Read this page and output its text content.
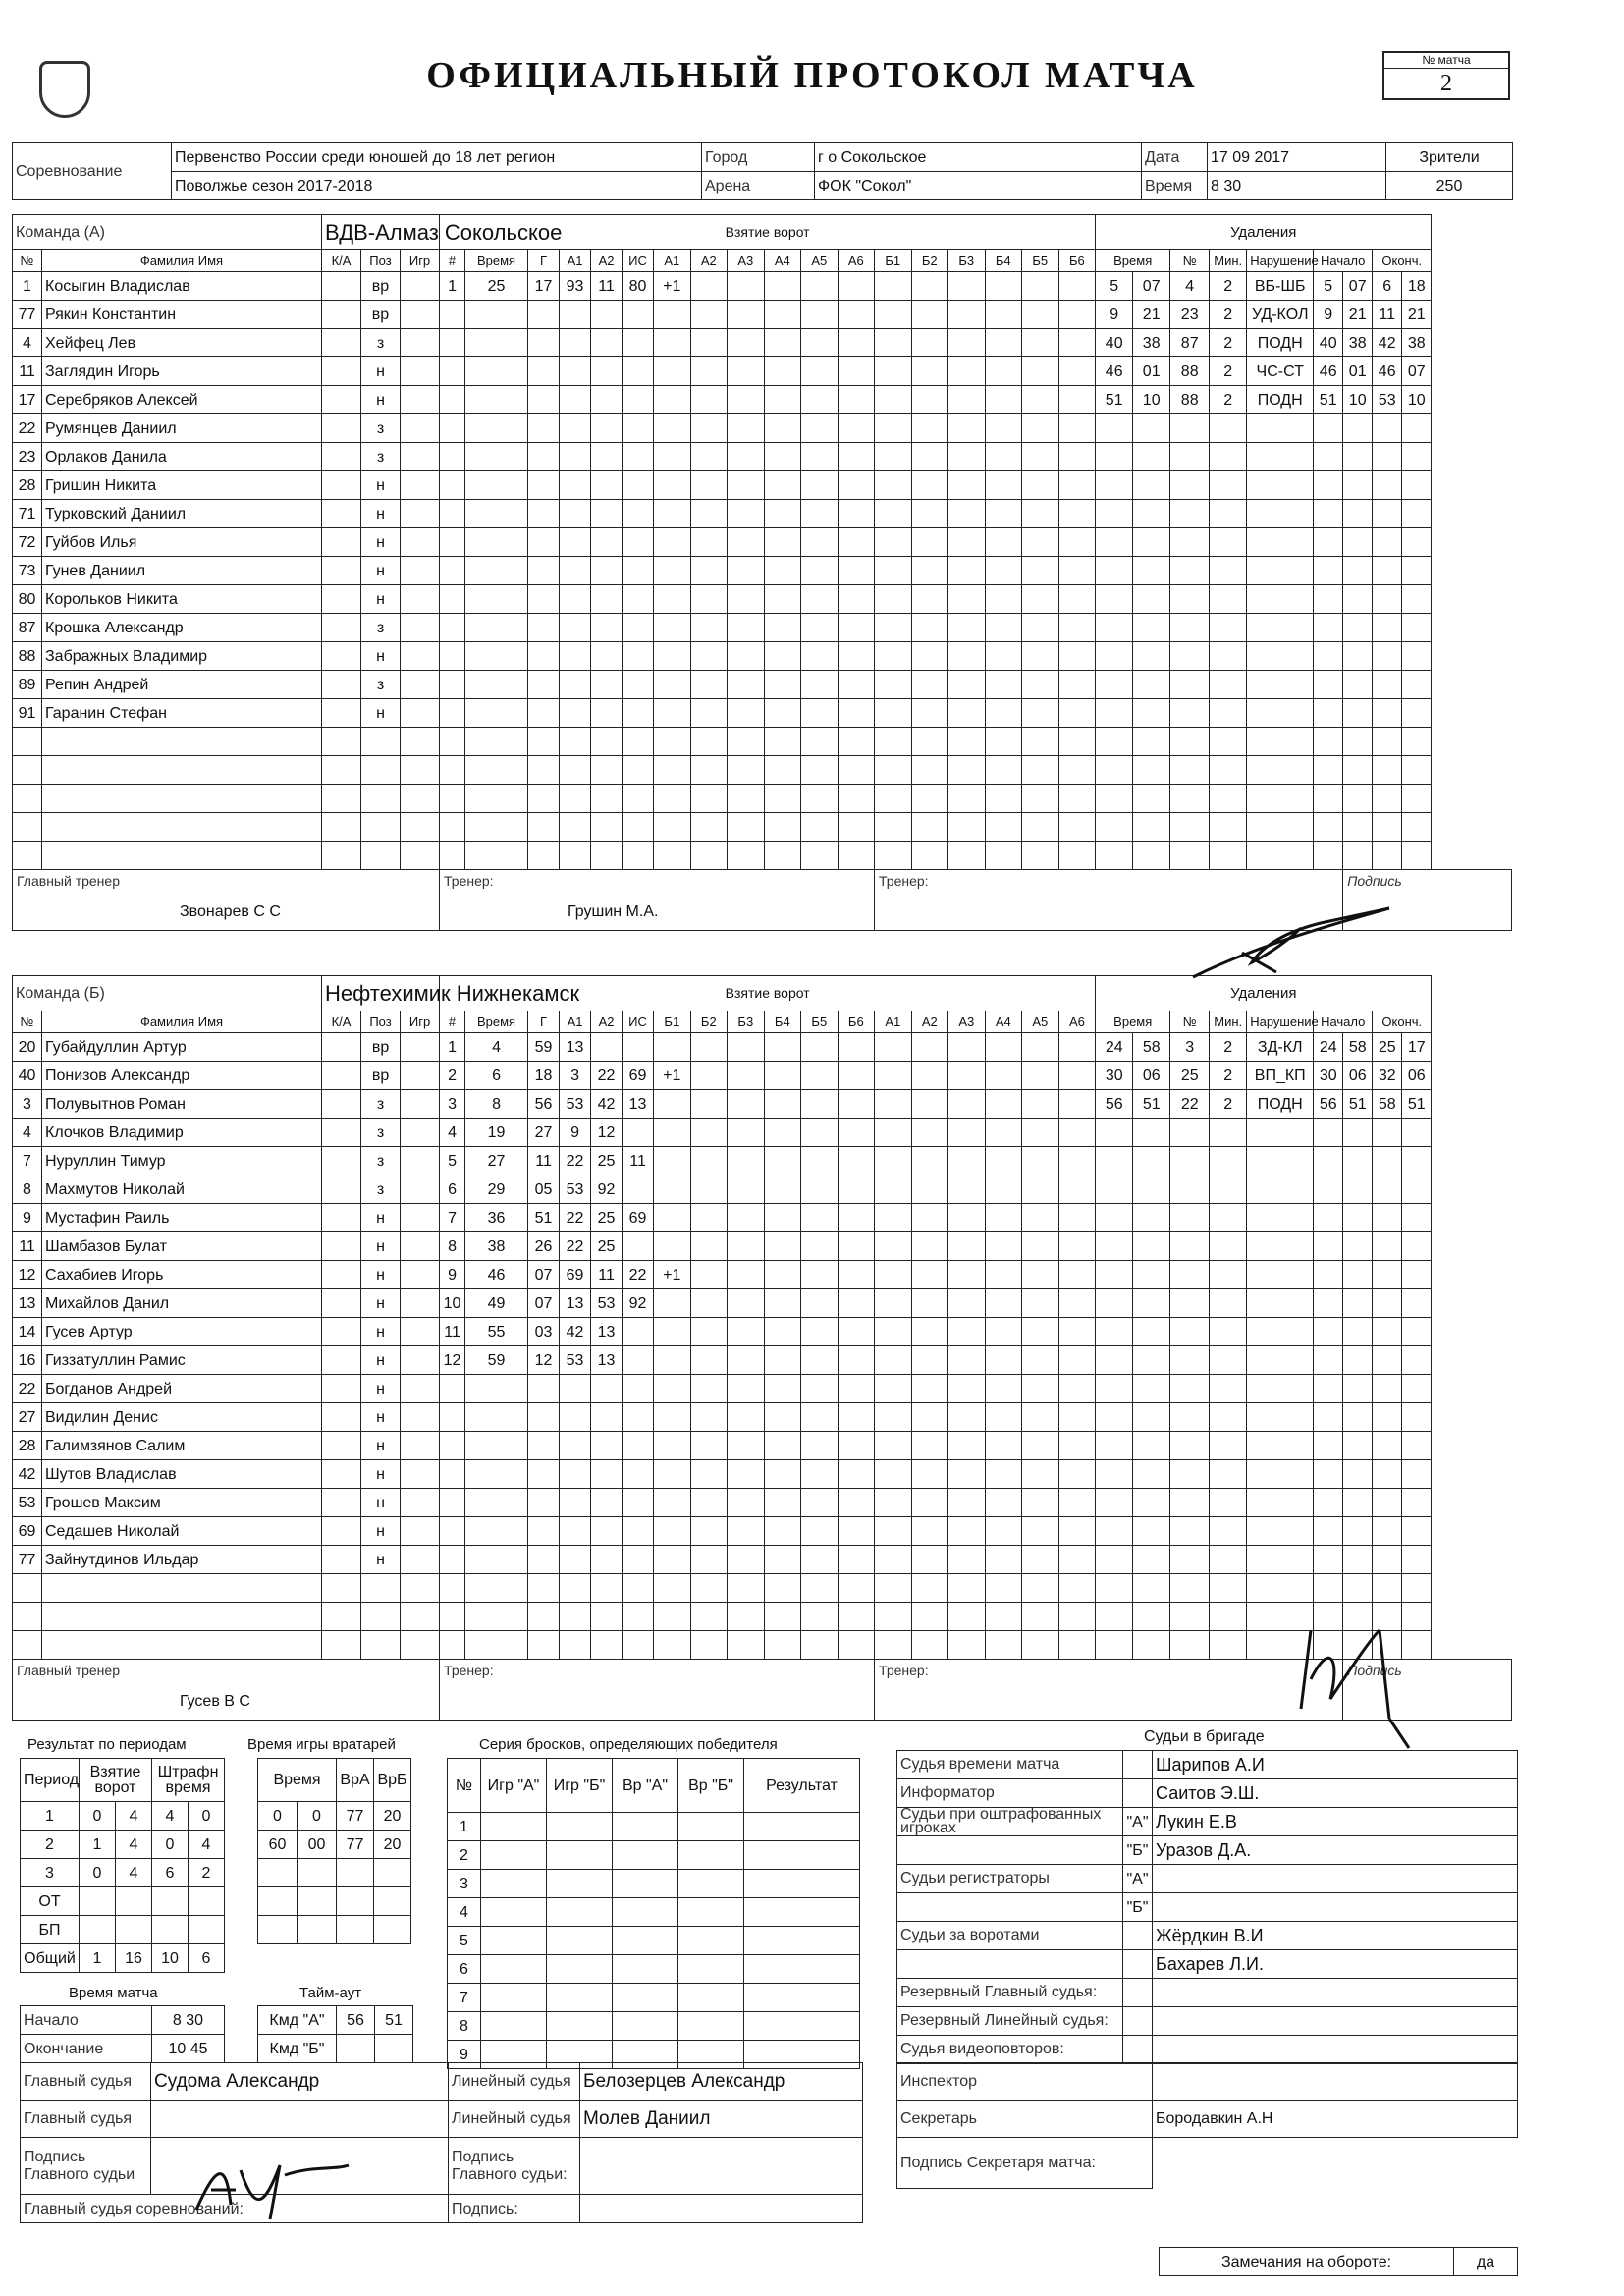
ОФИЦИАЛЬНЫЙ ПРОТОКОЛ МАТЧА	№ матча
2
Соревнование	Первенство России среди юношей до 18 лет регион	Город	г о Сокольское	Дата	17 09 2017	Зрители
	Поволжье сезон 2017-2018	Арена	ФОК "Сокол"	Время	8 30	250
Команда (А)		ВДВ-Алмаз Сокольское			Взятие ворот																		Удаления								
№	Фамилия Имя	К/А	Поз	Игр	#	Время	Г	А1	А2	ИС	А1	А2	А3	А4	А5	А6	Б1	Б2	Б3	Б4	Б5	Б6	Время		№	Мин.	Нарушение	Начало		Оконч.	
1	Косыгин Владислав		вр		1	25	17	93	11	80	+1												5	07	4	2	ВБ-ШБ	5	07	6	18
77	Рякин Константин		вр																				9	21	23	2	УД-КОЛ	9	21	11	21
4	Хейфец Лев		з																				40	38	87	2	ПОДН	40	38	42	38
11	Заглядин Игорь		н																				46	01	88	2	ЧС-СТ	46	01	46	07
17	Серебряков Алексей		н																				51	10	88	2	ПОДН	51	10	53	10
22	Румянцев Даниил		з																												
23	Орлаков Данила		з																												
28	Гришин Никита		н																												
71	Турковский Даниил		н																												
72	Гуйбов Илья		н																												
73	Гунев Даниил		н																												
80	Корольков Никита		н																												
87	Крошка Александр		з																												
88	Забражных Владимир		н																												
89	Репин Андрей		з																												
91	Гаранин Стефан		н																												

Главный тренер
Звонарев С С					Тренер:
Грушин М.А.												Тренер:												Подпись		
Команда (Б)		Нефтехимик Нижнекамск			Взятие ворот																		Удаления								
№	Фамилия Имя	К/А	Поз	Игр	#	Время	Г	А1	А2	ИС	Б1	Б2	Б3	Б4	Б5	Б6	А1	А2	А3	А4	А5	А6	Время		№	Мин.	Нарушение	Начало		Оконч.	
20	Губайдуллин Артур		вр		1	4	59	13															24	58	3	2	ЗД-КЛ	24	58	25	17
40	Понизов Александр		вр		2	6	18	3	22	69	+1												30	06	25	2	ВП_КП	30	06	32	06
3	Полувытнов Роман		з		3	8	56	53	42	13													56	51	22	2	ПОДН	56	51	58	51
4	Клочков Владимир		з		4	19	27	9	12																						
7	Нуруллин Тимур		з		5	27	11	22	25	11																					
8	Махмутов Николай		з		6	29	05	53	92																						
9	Мустафин Раиль		н		7	36	51	22	25	69																					
11	Шамбазов Булат		н		8	38	26	22	25																						
12	Сахабиев Игорь		н		9	46	07	69	11	22	+1																				
13	Михайлов Данил		н		10	49	07	13	53	92																					
14	Гусев Артур		н		11	55	03	42	13																						
16	Гиззатуллин Рамис		н		12	59	12	53	13																						
22	Богданов Андрей		н																												
27	Видилин Денис		н																												
28	Галимзянов Салим		н																												
42	Шутов Владислав		н																												
53	Грошев Максим		н																												
69	Седашев Николай		н																												
77	Зайнутдинов Ильдар		н																												

Главный тренер
Гусев В С					Тренер:												Тренер:												Подпись		
Результат по периодам
Период	Взятие ворот		Штрафн время	
1	0	4	4	0
2	1	4	0	4
3	0	4	6	2
ОТ				
БП				
Общий	1	16	10	6
Время матча
Начало	8 30
Окончание	10 45
Время игры вратарей
Время		ВрА	ВрБ
0	0	77	20
60	00	77	20

Тайм-аут
Кмд "А"	56	51
Кмд "Б"		
Серия бросков, определяющих победителя
№	Игр "А"	Игр "Б"	Вр "А"	Вр "Б"	Результат
1					
2					
3					
4					
5					
6					
7					
8					
9					
Судьи в бригаде
Судья времени матча		Шарипов А.И
Информатор		Саитов Э.Ш.
Судьи при оштрафованных игроках	"А"	Лукин Е.В
	"Б"	Уразов Д.А.
Судьи регистраторы	"А"	
	"Б"	
Судьи за воротами		Жёрдкин В.И
		Бахарев Л.И.
Резервный Главный судья:		
Резервный Линейный судья:		
Судья видеоповторов:		
Инспектор	
Секретарь	Бородавкин А.Н
Подпись Секретаря матча:	
Замечания на обороте:	да
Главный судья	Судома Александр	Линейный судья	Белозерцев Александр
Главный судья		Линейный судья	Молев Даниил
Подпись Главного судьи		Подпись Главного судьи:	
Главный судья соревнований:		Подпись:	
